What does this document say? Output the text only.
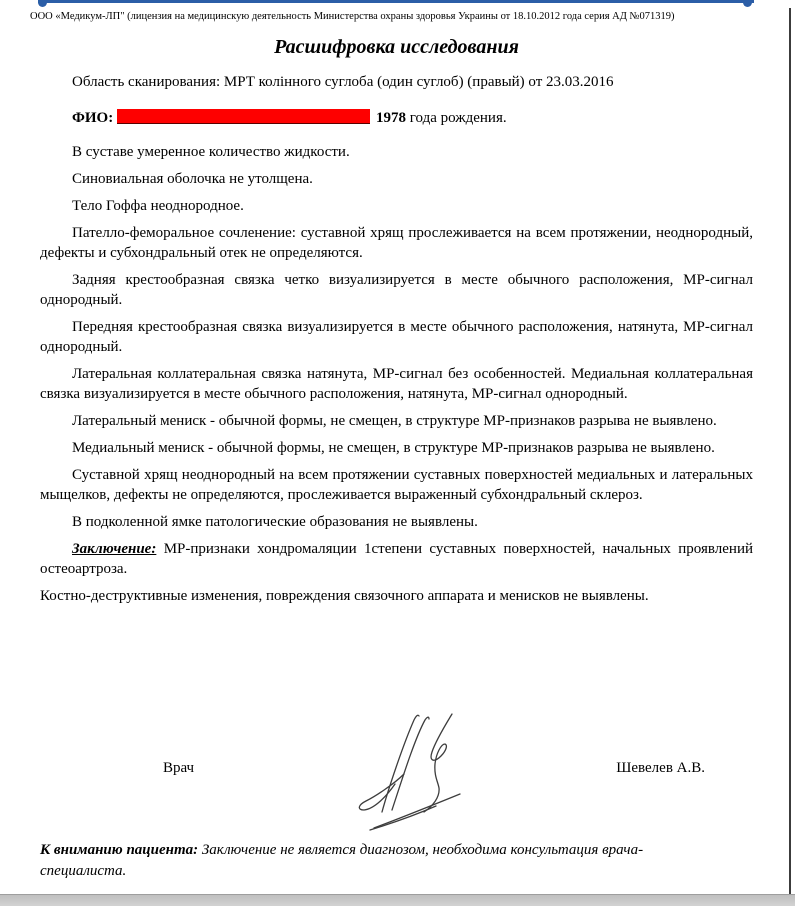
ООО «Медикум-ЛП" (лицензия на медицинскую деятельность Министерства охраны здоровья Украины от 18.10.2012 года серия АД №071319)
Расшифровка исследования

Область сканирования: МРТ колінного суглоба (один суглоб) (правый) от 23.03.2016

ФИО:	1978 года рождения.

В суставе умеренное количество жидкости.

Синовиальная оболочка не утолщена.

Тело Гоффа неоднородное.

Пателло-феморальное сочленение: суставной хрящ прослеживается на всем протяжении, неоднородный, дефекты и субхондральный отек не определяются.

Задняя крестообразная связка четко визуализируется в месте обычного расположения, МР-сигнал однородный.

Передняя крестообразная связка визуализируется в месте обычного расположения, натянута, МР-сигнал однородный.

Латеральная коллатеральная связка натянута, МР-сигнал без особенностей. Медиальная коллатеральная связка визуализируется в месте обычного расположения, натянута, МР-сигнал однородный.

Латеральный мениск - обычной формы, не смещен, в структуре МР-признаков разрыва не выявлено.

Медиальный мениск - обычной формы, не смещен, в структуре МР-признаков разрыва не выявлено.

Суставной хрящ неоднородный на всем протяжении суставных поверхностей медиальных и латеральных мыщелков, дефекты не определяются, прослеживается выраженный субхондральный склероз.

В подколенной ямке патологические образования не выявлены.

Заключение: МР-признаки хондромаляции 1степени суставных поверхностей, начальных проявлений остеоартроза.

Костно-деструктивные изменения, повреждения связочного аппарата и менисков не выявлены.

Врач	Шевелев А.В.
К вниманию пациента: Заключение не является диагнозом, необходима консультация врача-специалиста.
